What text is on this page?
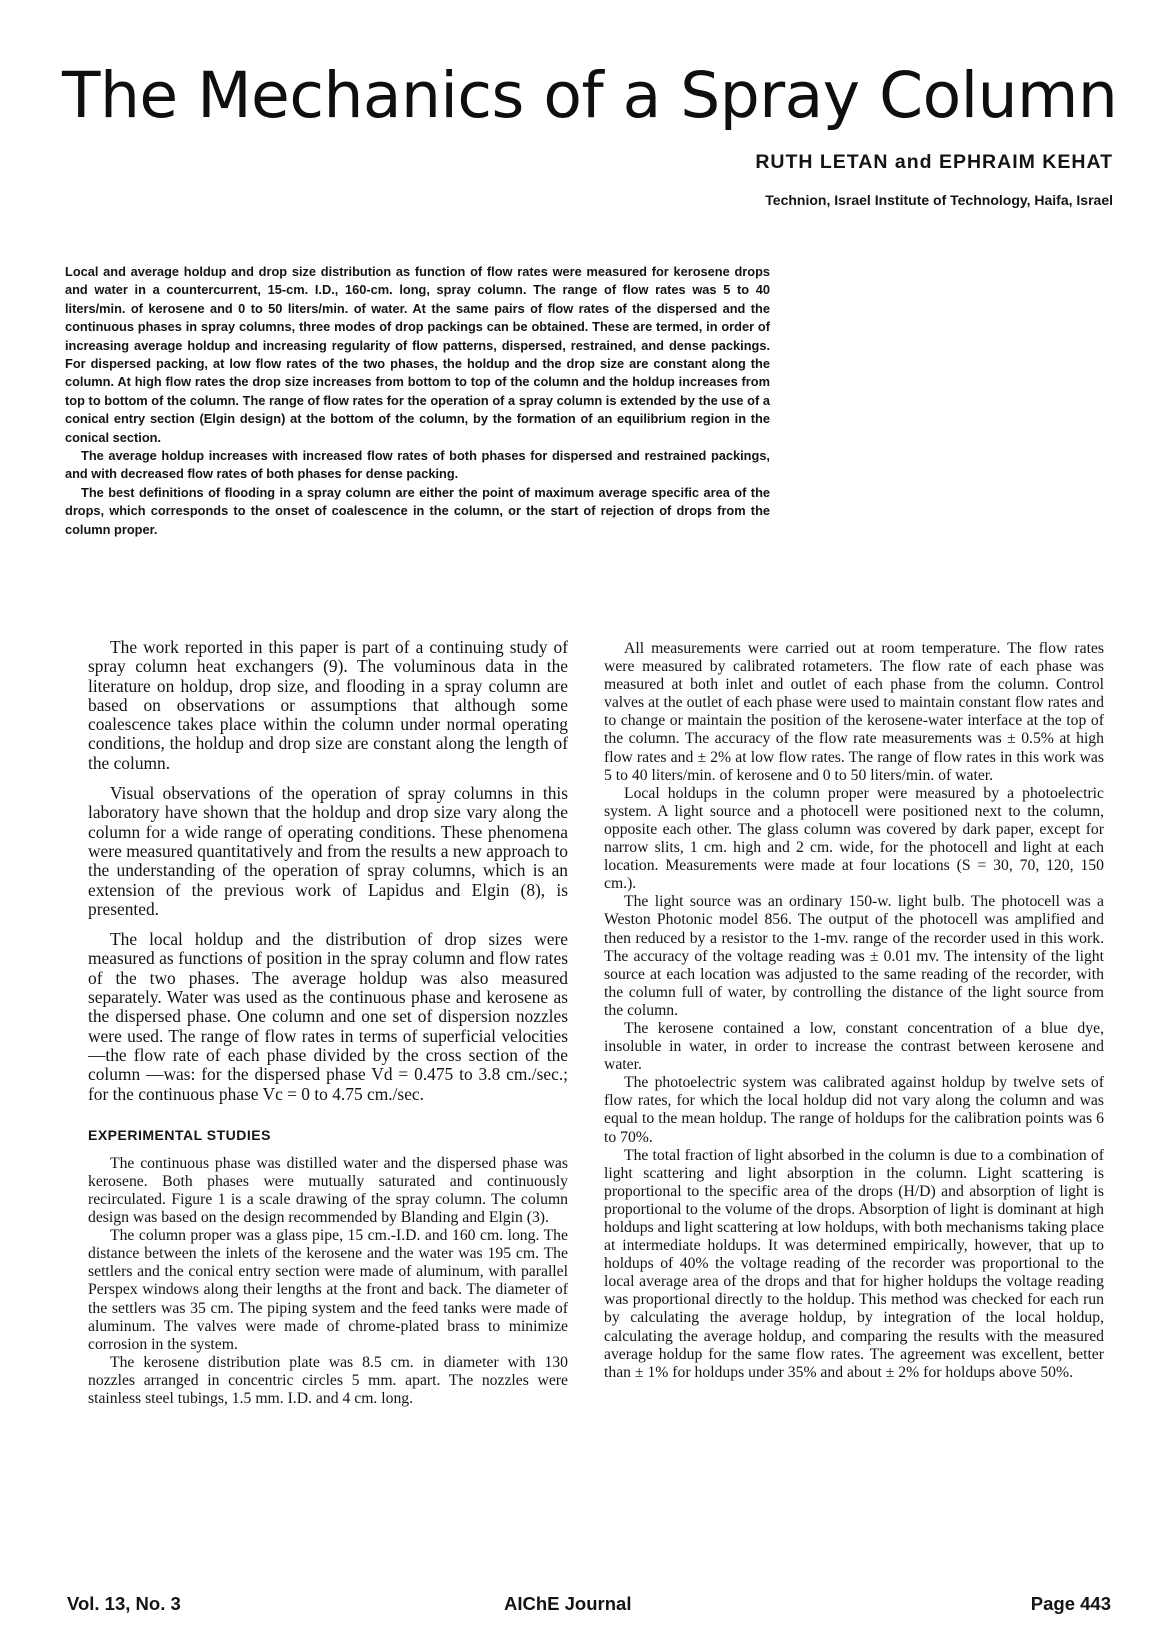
The Mechanics of a Spray Column

RUTH LETAN and EPHRAIM KEHAT

Technion, Israel Institute of Technology, Haifa, Israel

Local and average holdup and drop size distribution as function of flow rates were measured for kerosene drops and water in a countercurrent, 15-cm. I.D., 160-cm. long, spray column. The range of flow rates was 5 to 40 liters/min. of kerosene and 0 to 50 liters/min. of water. At the same pairs of flow rates of the dispersed and the continuous phases in spray columns, three modes of drop packings can be obtained. These are termed, in order of increasing average holdup and increasing regularity of flow patterns, dispersed, restrained, and dense packings. For dispersed packing, at low flow rates of the two phases, the holdup and the drop size are constant along the column. At high flow rates the drop size increases from bottom to top of the column and the holdup increases from top to bottom of the column. The range of flow rates for the operation of a spray column is extended by the use of a conical entry section (Elgin design) at the bottom of the column, by the formation of an equilibrium region in the conical section.

The average holdup increases with increased flow rates of both phases for dispersed and restrained packings, and with decreased flow rates of both phases for dense packing.

The best definitions of flooding in a spray column are either the point of maximum average specific area of the drops, which corresponds to the onset of coalescence in the column, or the start of rejection of drops from the column proper.

The work reported in this paper is part of a continuing study of spray column heat exchangers (9). The voluminous data in the literature on holdup, drop size, and flooding in a spray column are based on observations or assumptions that although some coalescence takes place within the column under normal operating conditions, the holdup and drop size are constant along the length of the column.

Visual observations of the operation of spray columns in this laboratory have shown that the holdup and drop size vary along the column for a wide range of operating conditions. These phenomena were measured quantitatively and from the results a new approach to the understanding of the operation of spray columns, which is an extension of the previous work of Lapidus and Elgin (8), is presented.

The local holdup and the distribution of drop sizes were measured as functions of position in the spray column and flow rates of the two phases. The average holdup was also measured separately. Water was used as the continuous phase and kerosene as the dispersed phase. One column and one set of dispersion nozzles were used. The range of flow rates in terms of superficial velocities—the flow rate of each phase divided by the cross section of the column —was: for the dispersed phase Vd = 0.475 to 3.8 cm./sec.; for the continuous phase Vc = 0 to 4.75 cm./sec.

EXPERIMENTAL STUDIES

The continuous phase was distilled water and the dispersed phase was kerosene. Both phases were mutually saturated and continuously recirculated. Figure 1 is a scale drawing of the spray column. The column design was based on the design recommended by Blanding and Elgin (3).

The column proper was a glass pipe, 15 cm.-I.D. and 160 cm. long. The distance between the inlets of the kerosene and the water was 195 cm. The settlers and the conical entry section were made of aluminum, with parallel Perspex windows along their lengths at the front and back. The diameter of the settlers was 35 cm. The piping system and the feed tanks were made of aluminum. The valves were made of chrome-plated brass to minimize corrosion in the system.

The kerosene distribution plate was 8.5 cm. in diameter with 130 nozzles arranged in concentric circles 5 mm. apart. The nozzles were stainless steel tubings, 1.5 mm. I.D. and 4 cm. long.

All measurements were carried out at room temperature. The flow rates were measured by calibrated rotameters. The flow rate of each phase was measured at both inlet and outlet of each phase from the column. Control valves at the outlet of each phase were used to maintain constant flow rates and to change or maintain the position of the kerosene-water interface at the top of the column. The accuracy of the flow rate measurements was ± 0.5% at high flow rates and ± 2% at low flow rates. The range of flow rates in this work was 5 to 40 liters/min. of kerosene and 0 to 50 liters/min. of water.

Local holdups in the column proper were measured by a photoelectric system. A light source and a photocell were positioned next to the column, opposite each other. The glass column was covered by dark paper, except for narrow slits, 1 cm. high and 2 cm. wide, for the photocell and light at each location. Measurements were made at four locations (S = 30, 70, 120, 150 cm.).

The light source was an ordinary 150-w. light bulb. The photocell was a Weston Photonic model 856. The output of the photocell was amplified and then reduced by a resistor to the 1-mv. range of the recorder used in this work. The accuracy of the voltage reading was ± 0.01 mv. The intensity of the light source at each location was adjusted to the same reading of the recorder, with the column full of water, by controlling the distance of the light source from the column.

The kerosene contained a low, constant concentration of a blue dye, insoluble in water, in order to increase the contrast between kerosene and water.

The photoelectric system was calibrated against holdup by twelve sets of flow rates, for which the local holdup did not vary along the column and was equal to the mean holdup. The range of holdups for the calibration points was 6 to 70%.

The total fraction of light absorbed in the column is due to a combination of light scattering and light absorption in the column. Light scattering is proportional to the specific area of the drops (H/D) and absorption of light is proportional to the volume of the drops. Absorption of light is dominant at high holdups and light scattering at low holdups, with both mechanisms taking place at intermediate holdups. It was determined empirically, however, that up to holdups of 40% the voltage reading of the recorder was proportional to the local average area of the drops and that for higher holdups the voltage reading was proportional directly to the holdup. This method was checked for each run by calculating the average holdup, by integration of the local holdup, calculating the average holdup, and comparing the results with the measured average holdup for the same flow rates. The agreement was excellent, better than ± 1% for holdups under 35% and about ± 2% for holdups above 50%.

Vol. 13, No. 3	AIChE Journal	Page 443
